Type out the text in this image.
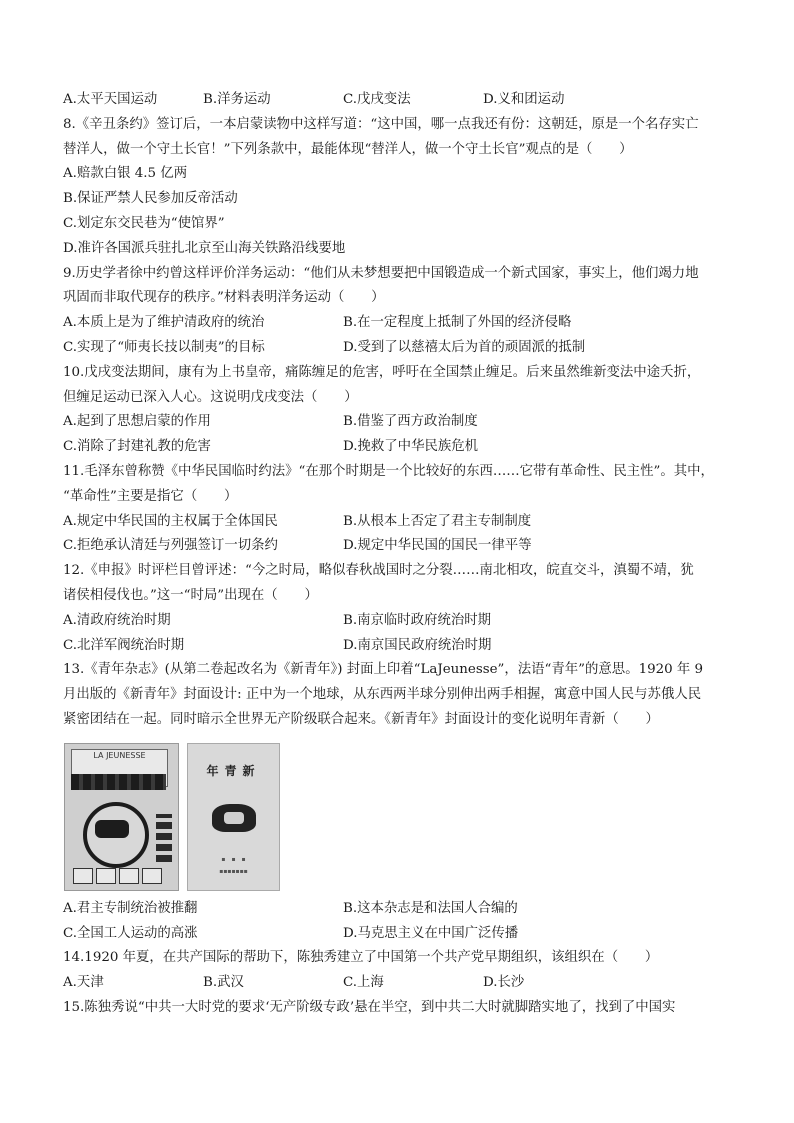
A.太平天国运动	B.洋务运动	C.戊戌变法	D.义和团运动
8.《辛丑条约》签订后，一本启蒙读物中这样写道：“这中国，哪一点我还有份：这朝廷，原是一个名存实亡
替洋人，做一个守土长官！”下列条款中，最能体现“替洋人，做一个守土长官”观点的是（　　）
A.赔款白银 4.5 亿两
B.保证严禁人民参加反帝活动
C.划定东交民巷为“使馆界”
D.准许各国派兵驻扎北京至山海关铁路沿线要地
9.历史学者徐中约曾这样评价洋务运动：“他们从未梦想要把中国锻造成一个新式国家，事实上，他们竭力地
巩固而非取代现存的秩序。”材料表明洋务运动（　　）
A.本质上是为了维护清政府的统治	B.在一定程度上抵制了外国的经济侵略
C.实现了“师夷长技以制夷”的目标	D.受到了以慈禧太后为首的顽固派的抵制
10.戊戌变法期间，康有为上书皇帝，痛陈缠足的危害，呼吁在全国禁止缠足。后来虽然维新变法中途夭折，
但缠足运动已深入人心。这说明戊戌变法（　　）
A.起到了思想启蒙的作用	B.借鉴了西方政治制度
C.消除了封建礼教的危害	D.挽救了中华民族危机
11.毛泽东曾称赞《中华民国临时约法》“在那个时期是一个比较好的东西……它带有革命性、民主性”。其中，
“革命性”主要是指它（　　）
A.规定中华民国的主权属于全体国民	B.从根本上否定了君主专制制度
C.拒绝承认清廷与列强签订一切条约	D.规定中华民国的国民一律平等
12.《申报》时评栏目曾评述：“今之时局，略似春秋战国时之分裂……南北相攻，皖直交斗，滇蜀不靖，犹
诸侯相侵伐也。”这一“时局”出现在（　　）
A.清政府统治时期	B.南京临时政府统治时期
C.北洋军阀统治时期	D.南京国民政府统治时期
13.《青年杂志》(从第二卷起改名为《新青年》) 封面上印着“LaJeunesse”，法语“青年”的意思。1920 年 9
月出版的《新青年》封面设计: 正中为一个地球，从东西两半球分别伸出两手相握，寓意中国人民与苏俄人民
紧密团结在一起。同时暗示全世界无产阶级联合起来。《新青年》封面设计的变化说明年青新（　　）
LA JEUNESSE
年青新
▪　▪　▪
▪▪▪▪▪▪▪
A.君主专制统治被推翻	B.这本杂志是和法国人合编的
C.全国工人运动的高涨	D.马克思主义在中国广泛传播
14.1920 年夏，在共产国际的帮助下，陈独秀建立了中国第一个共产党早期组织，该组织在（　　）
A.天津	B.武汉	C.上海	D.长沙
15.陈独秀说“中共一大时党的要求‘无产阶级专政’悬在半空，到中共二大时就脚踏实地了，找到了中国实
